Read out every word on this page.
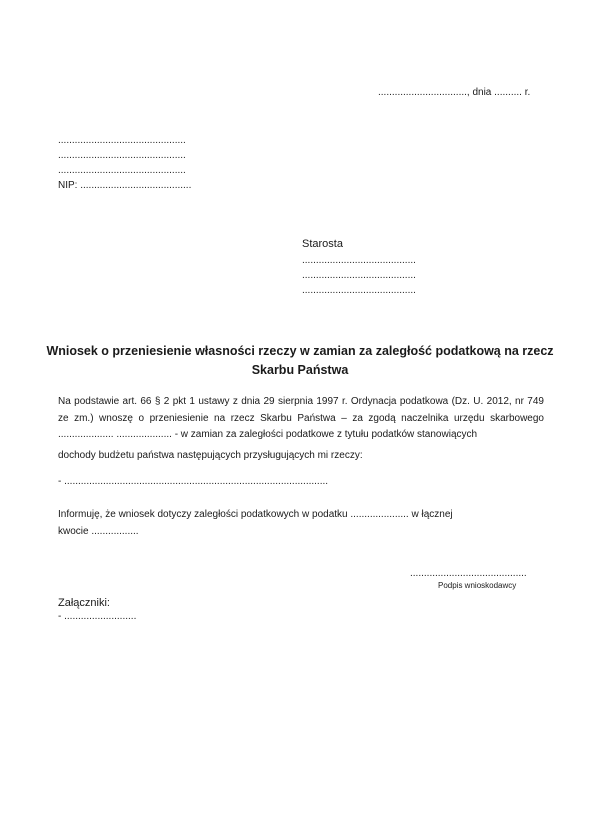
................................, dnia .......... r.
..............................................
..............................................
..............................................
NIP: ........................................
Starosta
.........................................
.........................................
.........................................
Wniosek o przeniesienie własności rzeczy w zamian za zaległość podatkową na rzecz Skarbu Państwa
Na podstawie art. 66 § 2 pkt 1 ustawy z dnia 29 sierpnia 1997 r. Ordynacja podatkowa (Dz. U. 2012, nr 749 ze zm.) wnoszę o przeniesienie na rzecz Skarbu Państwa – za zgodą naczelnika urzędu skarbowego .................... .................... - w zamian za zaległości podatkowe z tytułu podatków stanowiących
dochody budżetu państwa następujących przysługujących mi rzeczy:
- ...............................................................................................
Informuję, że wniosek dotyczy zaległości podatkowych w podatku ..................... w łącznej
kwocie .................
..........................................
Podpis wnioskodawcy
Załączniki:
- ..........................
